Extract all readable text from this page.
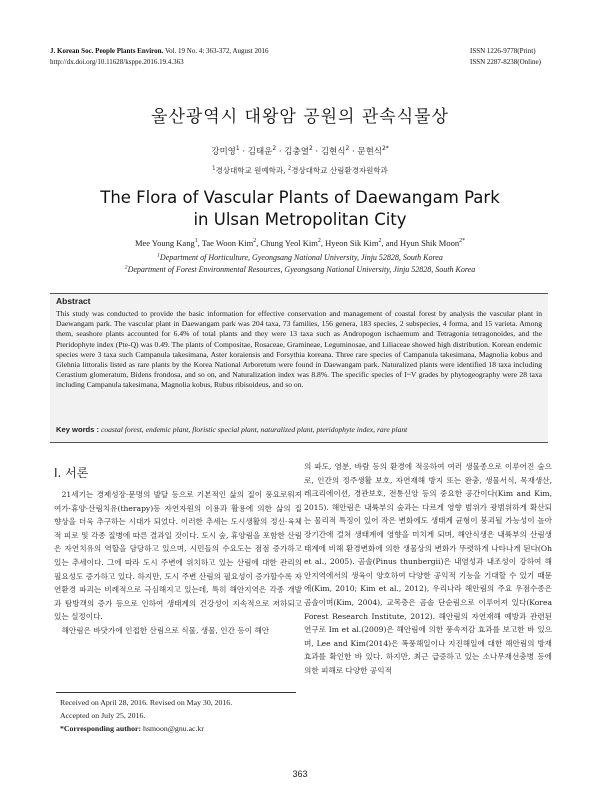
J. Korean Soc. People Plants Environ. Vol. 19 No. 4: 363-372, August 2016
http://dx.doi.org/10.11628/ksppe.2016.19.4.363
ISSN 1226-9778(Print)
ISSN 2287-8238(Online)
울산광역시 대왕암 공원의 관속식물상
강미영$^1$ · 김태운$^2$ · 김충열$^2$ · 김현식$^2$ · 문현식$^{2*}$
$^1$경상대학교 원예학과, $^2$경상대학교 산림환경자원학과
The Flora of Vascular Plants of Daewangam Park
in Ulsan Metropolitan City
Mee Young Kang$^1$, Tae Woon Kim$^2$, Chung Yeol Kim$^2$, Hyeon Sik Kim$^2$, and Hyun Shik Moon$^{2*}$
$^1$Department of Horticulture, Gyeongsang National University, Jinju 52828, South Korea
$^2$Department of Forest Environmental Resources, Gyeongsang National University, Jinju 52828, South Korea
Abstract
This study was conducted to provide the basic information for effective conservation and management of coastal forest by analysis the vascular plant in Daewangam park. The vascular plant in Daewangam park was 204 taxa, 73 families, 156 genera, 183 species, 2 subspecies, 4 forma, and 15 varieta. Among them, seashore plants accounted for 6.4% of total plants and they were 13 taxa such as Andropogon ischaemum and Tetragonia tetragonoides, and the Pteridophyte index (Pte-Q) was 0.49. The plants of Compositae, Rosaceae, Gramineae, Leguminosae, and Liliaceae showed high distribution. Korean endemic species were 3 taxa such Campanula takesimana, Aster koraiensis and Forsythia koreana. Three rare species of Campanula takesimana, Magnolia kobus and Glehnia littoralis listed as rare plants by the Korea National Arboretum were found in Daewangam park. Naturalized plants were identified 18 taxa including Cerastium glomeratum, Bidens frondosa, and so on, and Naturalization index was 8.8%. The specific species of I~V grades by phytogeography were 28 taxa including Campanula takesimana, Magnolia kobus, Rubus ribisoideus, and so on.
Key words : coastal forest, endemic plant, floristic special plant, naturalized plant, pteridophyte index, rare plant
Ⅰ. 서론

21세기는 경제성장·문명의 발달 등으로 기본적인 삶의 질이 풍요로워져 여가·휴양·산림치유(therapy)등 자연자원의 이용과 활용에 의한 삶의 질 향상을 더욱 추구하는 시대가 되었다. 이러한 추세는 도시생활의 정신·육체적 피로 및 각종 질병에 따른 결과일 것이다. 도시 숲, 휴양림을 포함한 산림은 자연치유의 역할을 담당하고 있으며, 시민들의 수요도는 점점 증가하고 있는 추세이다. 그에 따라 도시 주변에 위치하고 있는 산림에 대한 관리의 필요성도 증가하고 있다. 하지만, 도시 주변 산림의 필요성이 증가할수록 자연환경 파괴는 비례적으로 극심해지고 있는데, 특히 해안지역은 각종 개발과 탐방객의 증가 등으로 인하여 생태계의 건강성이 지속적으로 저하되고 있는 실정이다.

해안림은 바닷가에 인접한 산림으로 식물, 생물, 인간 등이 해안

의 파도, 염분, 바람 등의 환경에 적응하여 여러 생물종으로 이루어진 숲으로, 인간의 정주생활 보호, 자연재해 방지 또는 완충, 생물서식, 목재생산, 레크리에이션, 경관보호, 전통신앙 등의 중요한 공간이다(Kim and Kim, 2015). 해안림은 내륙부의 숲과는 다르게 영향 범위가 광범위하게 확산되는 물리적 특징이 있어 작은 변화에도 생태계 균형이 붕괴될 가능성이 높아 장기간에 걸쳐 생태계에 영향을 미치게 되며, 해안식생은 내륙부의 산림생태계에 비해 환경변화에 의한 생물상의 변화가 뚜렷하게 나타나게 된다(Oh et al., 2005). 곰솔(Pinus thunbergii)은 내염성과 내조성이 강하여 해안지역에서의 생육이 양호하여 다양한 공익적 기능을 기대할 수 있기 때문에(Kim, 2010; Kim et al., 2012), 우리나라 해안림의 주요 우점수종은 곰솔이며(Kim, 2004), 교목층은 곰솔 단순림으로 이루어져 있다(Korea Forest Research Institute, 2012). 해안림의 자연재해 예방과 관련된 연구로 Im et al.(2009)은 해안림에 의한 풍속저감 효과를 보고한 바 있으며, Lee and Kim(2014)은 폭풍해일이나 지진해일에 대한 해안림의 방재효과를 확인한 바 있다. 하지만, 최근 급증하고 있는 소나무재선충병 등에 의한 피해로 다양한 공익적

Received on April 28, 2016. Revised on May 30, 2016.
Accepted on July 25, 2016.
*Corresponding author: hsmoon@gnu.ac.kr
363
